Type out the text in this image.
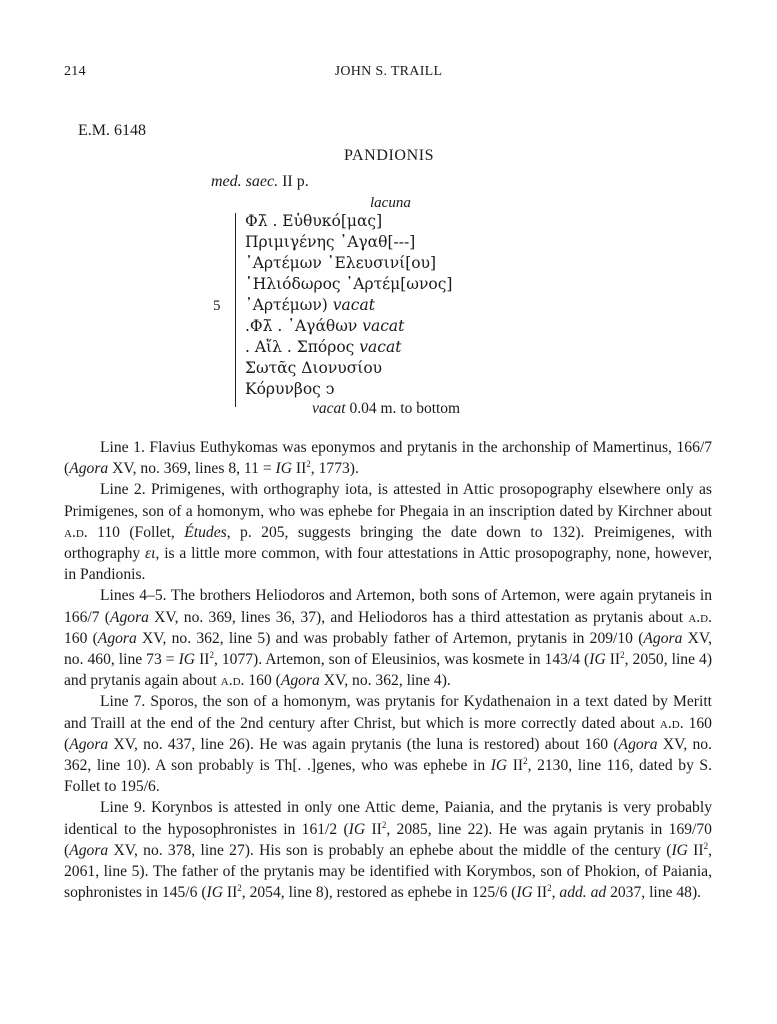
214	JOHN S. TRAILL
E.M. 6148
PANDIONIS
med. saec. II p.
lacuna
5
Φλ̄ . Εὐθυκό[μας]
Πριμιγένης ᾿Αγαθ[---]
᾿Αρτέμων ᾿Ελευσινί[ου]
῾Ηλιόδωρος ᾿Αρτέμ[ωνος]
᾿Αρτέμων) vacat
.Φλ̄ . ᾿Αγάθων vacat
. Αἴλ . Σπόρος vacat
Σωτᾶς Διονυσίου
Κόρυνβος ↄ
vacat 0.04 m. to bottom

Line 1. Flavius Euthykomas was eponymos and prytanis in the archonship of Mamertinus, 166/7 (Agora XV, no. 369, lines 8, 11 = IG $II^2$, 1773).

Line 2. Primigenes, with orthography iota, is attested in Attic prosopography elsewhere only as Primigenes, son of a homonym, who was ephebe for Phegaia in an inscription dated by Kirchner about a.d. 110 (Follet, Études, p. 205, suggests bringing the date down to 132). Preimigenes, with orthography ει, is a little more common, with four attestations in Attic prosopography, none, however, in Pandionis.

Lines 4–5. The brothers Heliodoros and Artemon, both sons of Artemon, were again prytaneis in 166/7 (Agora XV, no. 369, lines 36, 37), and Heliodoros has a third attestation as prytanis about a.d. 160 (Agora XV, no. 362, line 5) and was probably father of Artemon, prytanis in 209/10 (Agora XV, no. 460, line 73 = IG $II^2$, 1077). Artemon, son of Eleusinios, was kosmete in 143/4 (IG $II^2$, 2050, line 4) and prytanis again about a.d. 160 (Agora XV, no. 362, line 4).

Line 7. Sporos, the son of a homonym, was prytanis for Kydathenaion in a text dated by Meritt and Traill at the end of the 2nd century after Christ, but which is more correctly dated about a.d. 160 (Agora XV, no. 437, line 26). He was again prytanis (the luna is restored) about 160 (Agora XV, no. 362, line 10). A son probably is Th[. .]genes, who was ephebe in IG $II^2$, 2130, line 116, dated by S. Follet to 195/6.

Line 9. Korynbos is attested in only one Attic deme, Paiania, and the prytanis is very probably identical to the hyposophronistes in 161/2 (IG $II^2$, 2085, line 22). He was again prytanis in 169/70 (Agora XV, no. 378, line 27). His son is probably an ephebe about the middle of the century (IG $II^2$, 2061, line 5). The father of the prytanis may be identified with Korymbos, son of Phokion, of Paiania, sophronistes in 145/6 (IG $II^2$, 2054, line 8), restored as ephebe in 125/6 (IG $II^2$, add. ad 2037, line 48).
